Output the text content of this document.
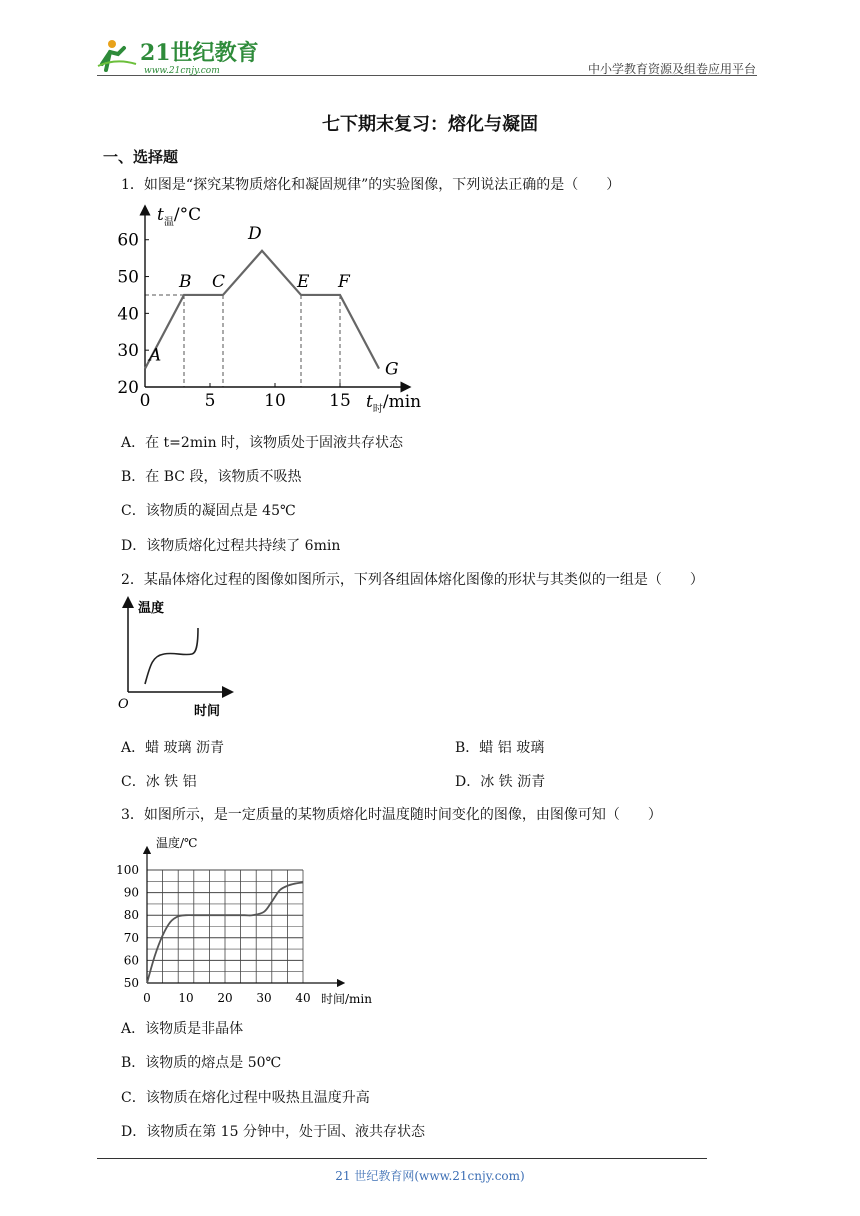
21世纪教育
www.21cnjy.com	中小学教育资源及组卷应用平台
七下期末复习：熔化与凝固
一、选择题
1．如图是“探究某物质熔化和凝固规律”的实验图像，下列说法正确的是（　　）
20
30
40
50
60
0	5	10	15
A
B C
D
E F
G
$t_温/^\circ C$
$t_时/\min$
A．在 t=2min 时，该物质处于固液共存状态
B．在 BC 段，该物质不吸热
C．该物质的凝固点是 45℃
D．该物质熔化过程共持续了 6min
2．某晶体熔化过程的图像如图所示，下列各组固体熔化图像的形状与其类似的一组是（　　）
温度
O	时间
A．蜡 玻璃 沥青	B．蜡 铝 玻璃
C．冰 铁 铝	D．冰 铁 沥青
3．如图所示，是一定质量的某物质熔化时温度随时间变化的图像，由图像可知（　　）
50
60
70
80
90
100
0 10 20 30 40
温度/℃
时间/min
A．该物质是非晶体
B．该物质的熔点是 50℃
C．该物质在熔化过程中吸热且温度升高
D．该物质在第 15 分钟中，处于固、液共存状态
21 世纪教育网(www.21cnjy.com)
